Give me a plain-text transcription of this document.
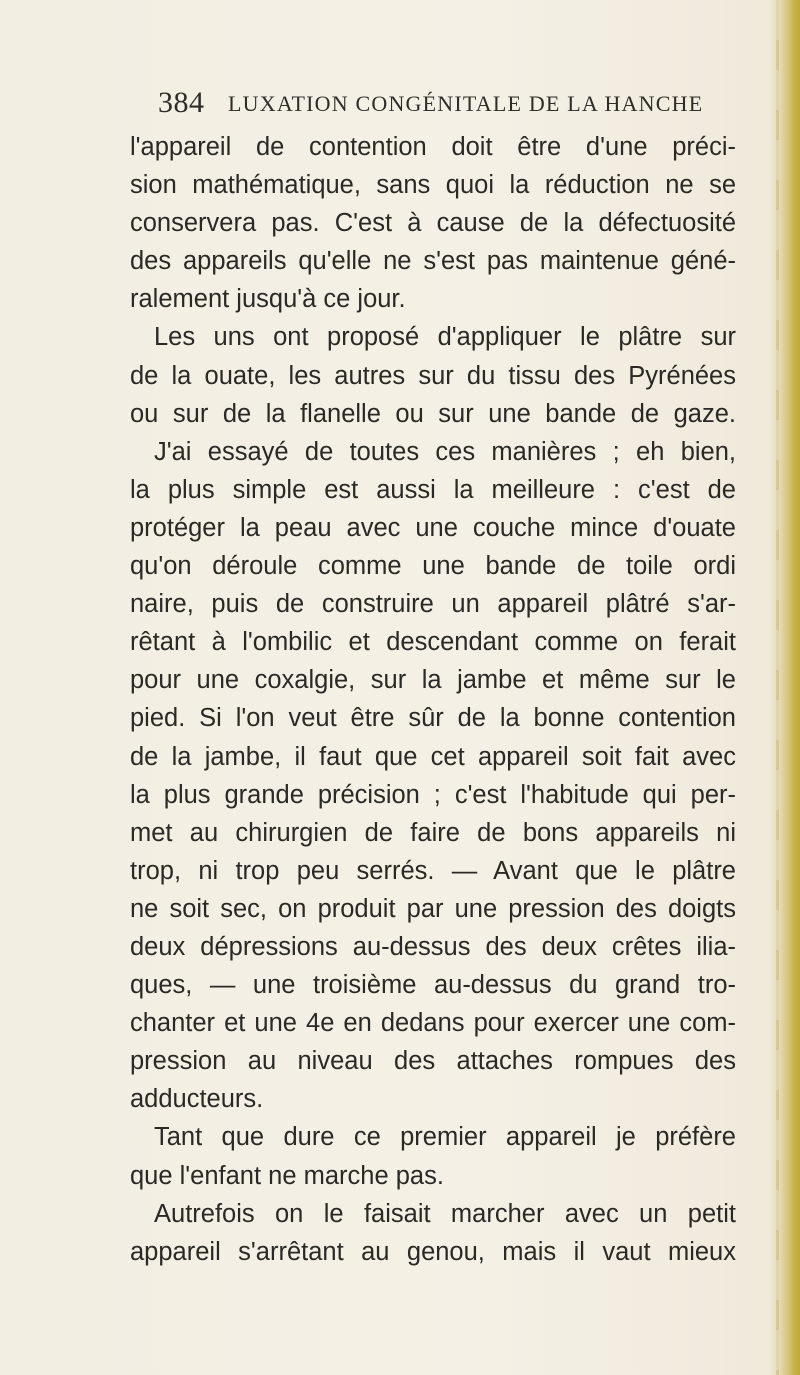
384 LUXATION CONGÉNITALE DE LA HANCHE
l'appareil de contention doit être d'une préci-
sion mathématique, sans quoi la réduction ne se
conservera pas. C'est à cause de la défectuosité
des appareils qu'elle ne s'est pas maintenue géné-
ralement jusqu'à ce jour.
Les uns ont proposé d'appliquer le plâtre sur
de la ouate, les autres sur du tissu des Pyrénées
ou sur de la flanelle ou sur une bande de gaze.
J'ai essayé de toutes ces manières ; eh bien,
la plus simple est aussi la meilleure : c'est de
protéger la peau avec une couche mince d'ouate
qu'on déroule comme une bande de toile ordi
naire, puis de construire un appareil plâtré s'ar-
rêtant à l'ombilic et descendant comme on ferait
pour une coxalgie, sur la jambe et même sur le
pied. Si l'on veut être sûr de la bonne contention
de la jambe, il faut que cet appareil soit fait avec
la plus grande précision ; c'est l'habitude qui per-
met au chirurgien de faire de bons appareils ni
trop, ni trop peu serrés. — Avant que le plâtre
ne soit sec, on produit par une pression des doigts
deux dépressions au-dessus des deux crêtes ilia-
ques, — une troisième au-dessus du grand tro-
chanter et une 4e en dedans pour exercer une com-
pression au niveau des attaches rompues des
adducteurs.
Tant que dure ce premier appareil je préfère
que l'enfant ne marche pas.
Autrefois on le faisait marcher avec un petit
appareil s'arrêtant au genou, mais il vaut mieux
